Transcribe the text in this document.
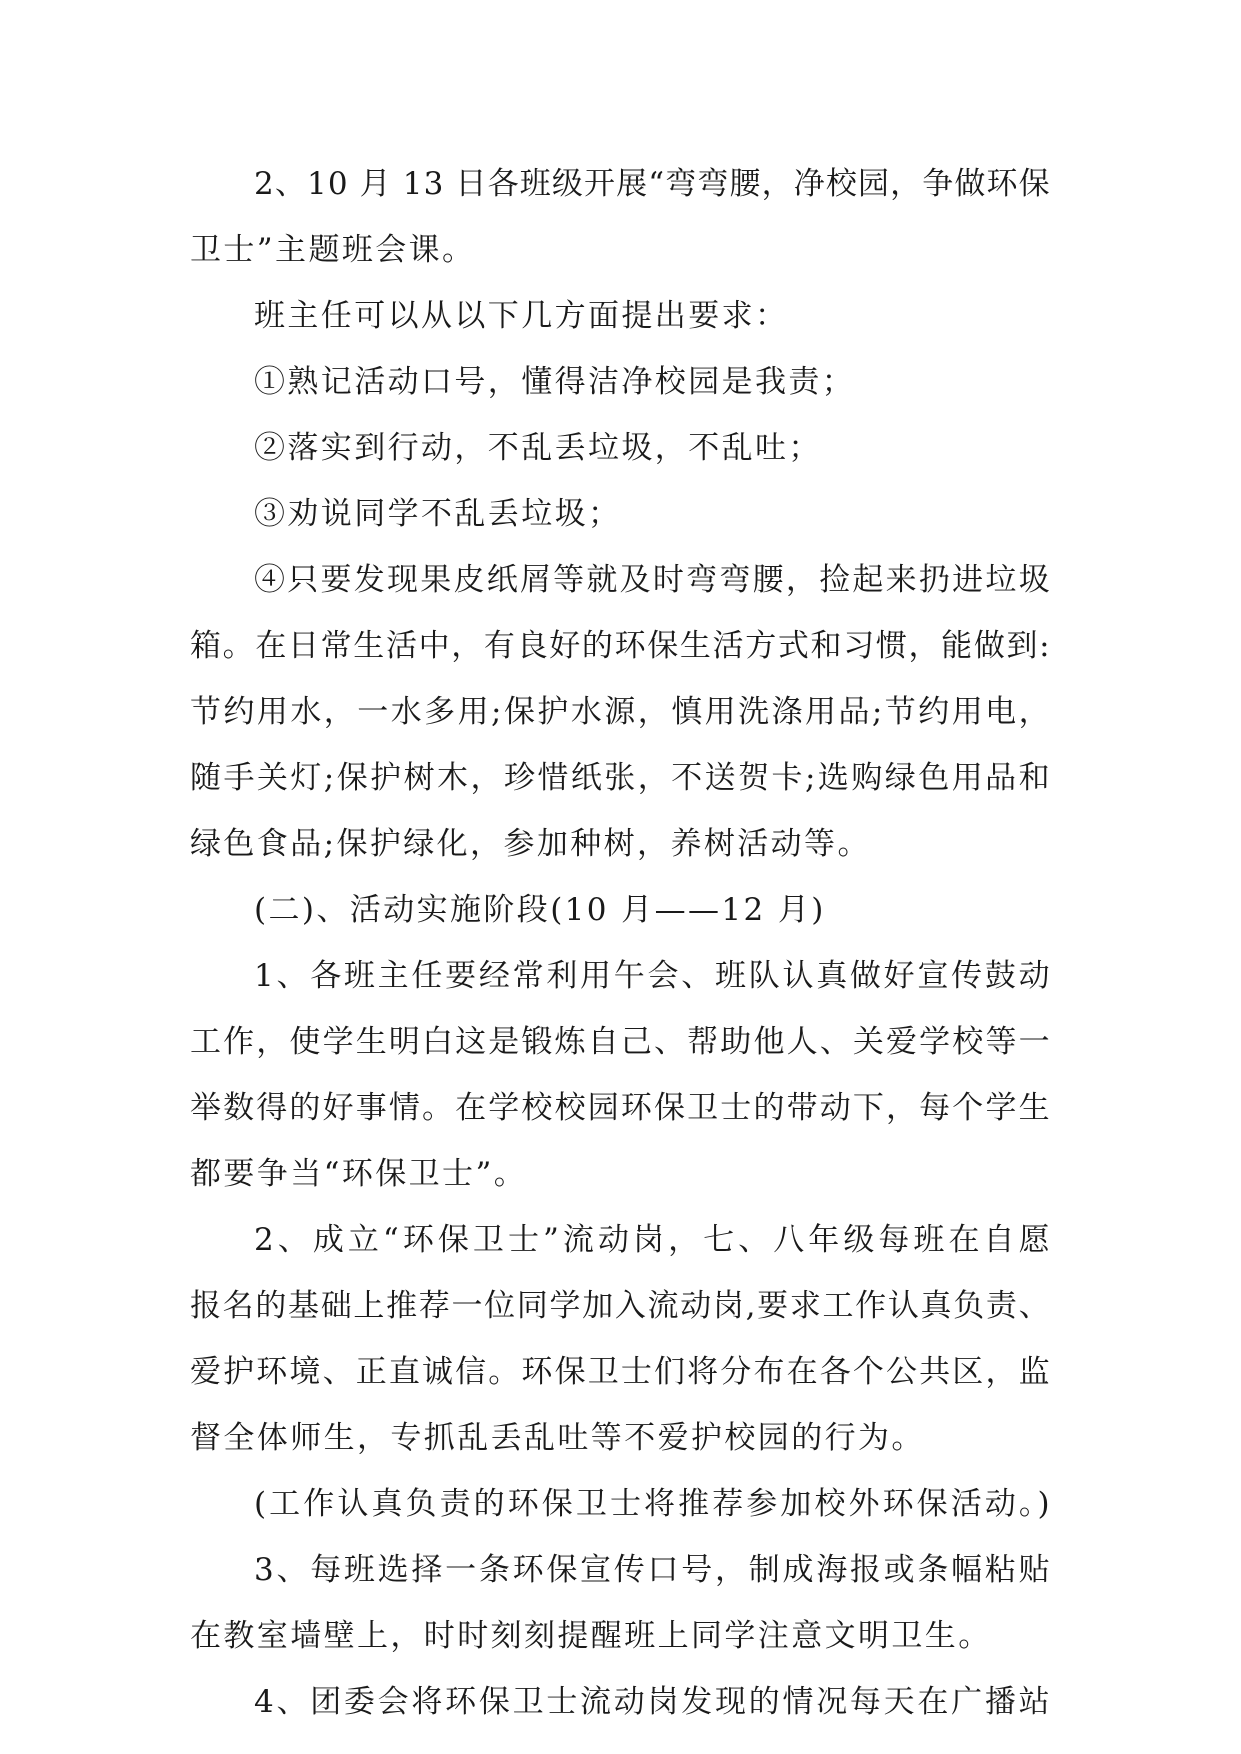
2、10 月 13 日各班级开展“弯弯腰，净校园，争做环保
卫士”主题班会课。
班主任可以从以下几方面提出要求：
①熟记活动口号，懂得洁净校园是我责；
②落实到行动，不乱丢垃圾，不乱吐；
③劝说同学不乱丢垃圾；
④只要发现果皮纸屑等就及时弯弯腰，捡起来扔进垃圾
箱。在日常生活中，有良好的环保生活方式和习惯，能做到:
节约用水，一水多用;保护水源，慎用洗涤用品;节约用电，
随手关灯;保护树木，珍惜纸张，不送贺卡;选购绿色用品和
绿色食品;保护绿化，参加种树，养树活动等。
(二)、活动实施阶段(10 月——12 月)
1、各班主任要经常利用午会、班队认真做好宣传鼓动
工作，使学生明白这是锻炼自己、帮助他人、关爱学校等一
举数得的好事情。在学校校园环保卫士的带动下，每个学生
都要争当“环保卫士”。
2、成立“环保卫士”流动岗，七、八年级每班在自愿
报名的基础上推荐一位同学加入流动岗,要求工作认真负责、
爱护环境、正直诚信。环保卫士们将分布在各个公共区，监
督全体师生，专抓乱丢乱吐等不爱护校园的行为。
(工作认真负责的环保卫士将推荐参加校外环保活动。)
3、每班选择一条环保宣传口号，制成海报或条幅粘贴
在教室墙壁上，时时刻刻提醒班上同学注意文明卫生。
4、团委会将环保卫士流动岗发现的情况每天在广播站
